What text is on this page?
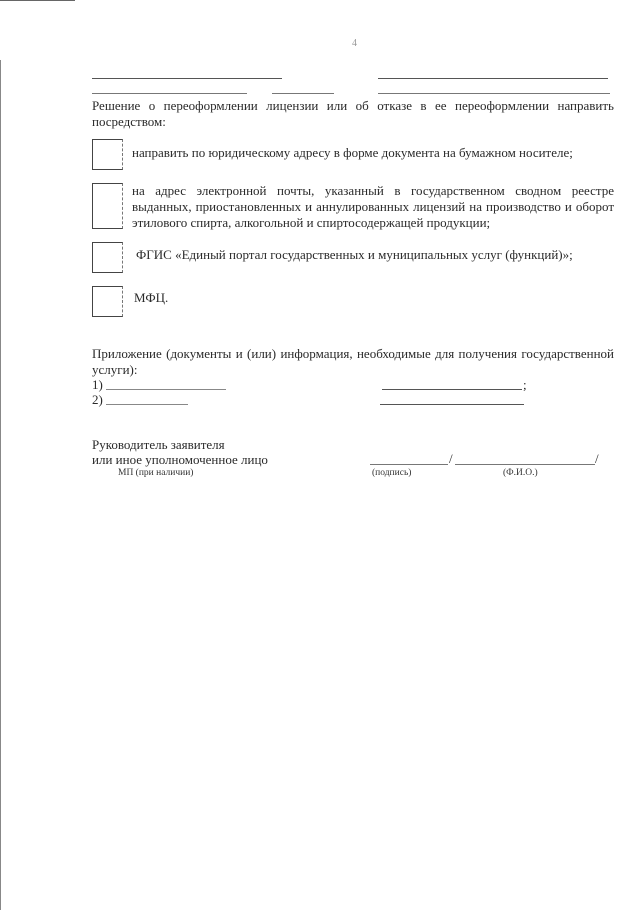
4
Решение о переоформлении лицензии или об отказе в ее переоформлении направить посредством:
направить по юридическому адресу в форме документа на бумажном носителе;
на адрес электронной почты, указанный в государственном сводном реестре выданных, приостановленных и аннулированных лицензий на производство и оборот этилового спирта, алкогольной и спиртосодержащей продукции;
ФГИС «Единый портал государственных и муниципальных услуг (функций)»;
МФЦ.
Приложение (документы и (или) информация, необходимые для получения государственной услуги):
1)	;
2)
Руководитель заявителя
или иное уполномоченное лицо	/	/
МП (при наличии)	(подпись)	(Ф.И.О.)
